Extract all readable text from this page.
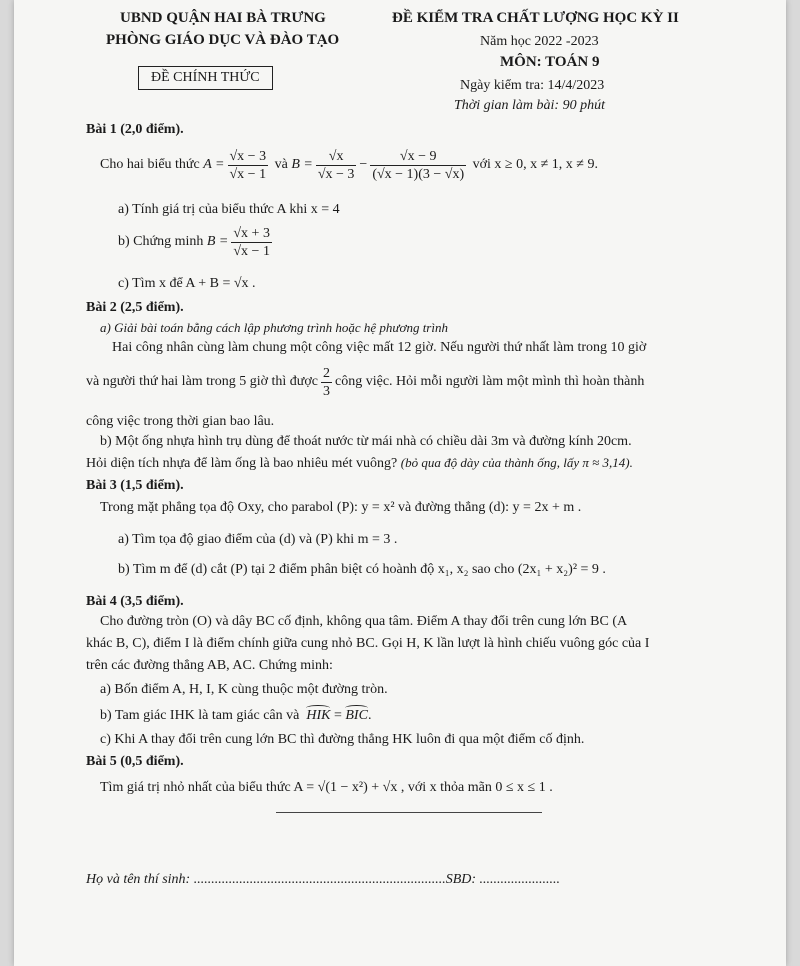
UBND QUẬN HAI BÀ TRƯNG
PHÒNG GIÁO DỤC VÀ ĐÀO TẠO
ĐỀ CHÍNH THỨC
ĐỀ KIỂM TRA CHẤT LƯỢNG HỌC KỲ II
Năm học 2022 -2023
MÔN: TOÁN 9
Ngày kiểm tra: 14/4/2023
Thời gian làm bài: 90 phút
Bài 1 (2,0 điểm).
Cho hai biểu thức
$A = \frac{√x - 3}{√x - 1}$
và
$B = \frac{√x}{√x - 3} - \frac{√x - 9}{(√x - 1)(3 - √x)}$
với x ≥ 0, x ≠ 1, x ≠ 9.
a) Tính giá trị của biểu thức A khi x = 4
b) Chứng minh
$B = \frac{√x + 3}{√x - 1}$
c) Tìm x để A + B = √x .
Bài 2 (2,5 điểm).
a) Giải bài toán bằng cách lập phương trình hoặc hệ phương trình
Hai công nhân cùng làm chung một công việc mất 12 giờ. Nếu người thứ nhất làm trong 10 giờ
và người thứ hai làm trong 5 giờ thì được $\frac{2}{3}$ công việc. Hỏi mỗi người làm một mình thì hoàn thành
công việc trong thời gian bao lâu.
b) Một ống nhựa hình trụ dùng để thoát nước từ mái nhà có chiều dài 3m và đường kính 20cm.
Hỏi diện tích nhựa để làm ống là bao nhiêu mét vuông? (bỏ qua độ dày của thành ống, lấy π ≈ 3,14).
Bài 3 (1,5 điểm).
Trong mặt phẳng tọa độ Oxy, cho parabol (P): y = x² và đường thẳng (d): y = 2x + m .
a) Tìm tọa độ giao điểm của (d) và (P) khi m = 3 .
b) Tìm m để (d) cắt (P) tại 2 điểm phân biệt có hoành độ x₁, x₂ sao cho (2x₁ + x₂)² = 9 .
Bài 4 (3,5 điểm).
Cho đường tròn (O) và dây BC cố định, không qua tâm. Điểm A thay đổi trên cung lớn BC (A
khác B, C), điểm I là điểm chính giữa cung nhỏ BC. Gọi H, K lần lượt là hình chiếu vuông góc của I
trên các đường thẳng AB, AC. Chứng minh:
a) Bốn điểm A, H, I, K cùng thuộc một đường tròn.
b) Tam giác IHK là tam giác cân và HIK = BIC.
c) Khi A thay đổi trên cung lớn BC thì đường thẳng HK luôn đi qua một điểm cố định.
Bài 5 (0,5 điểm).
Tìm giá trị nhỏ nhất của biểu thức A = √(1 − x²) + √x , với x thỏa mãn 0 ≤ x ≤ 1 .
Họ và tên thí sinh: ........................................................................SBD: .......................
